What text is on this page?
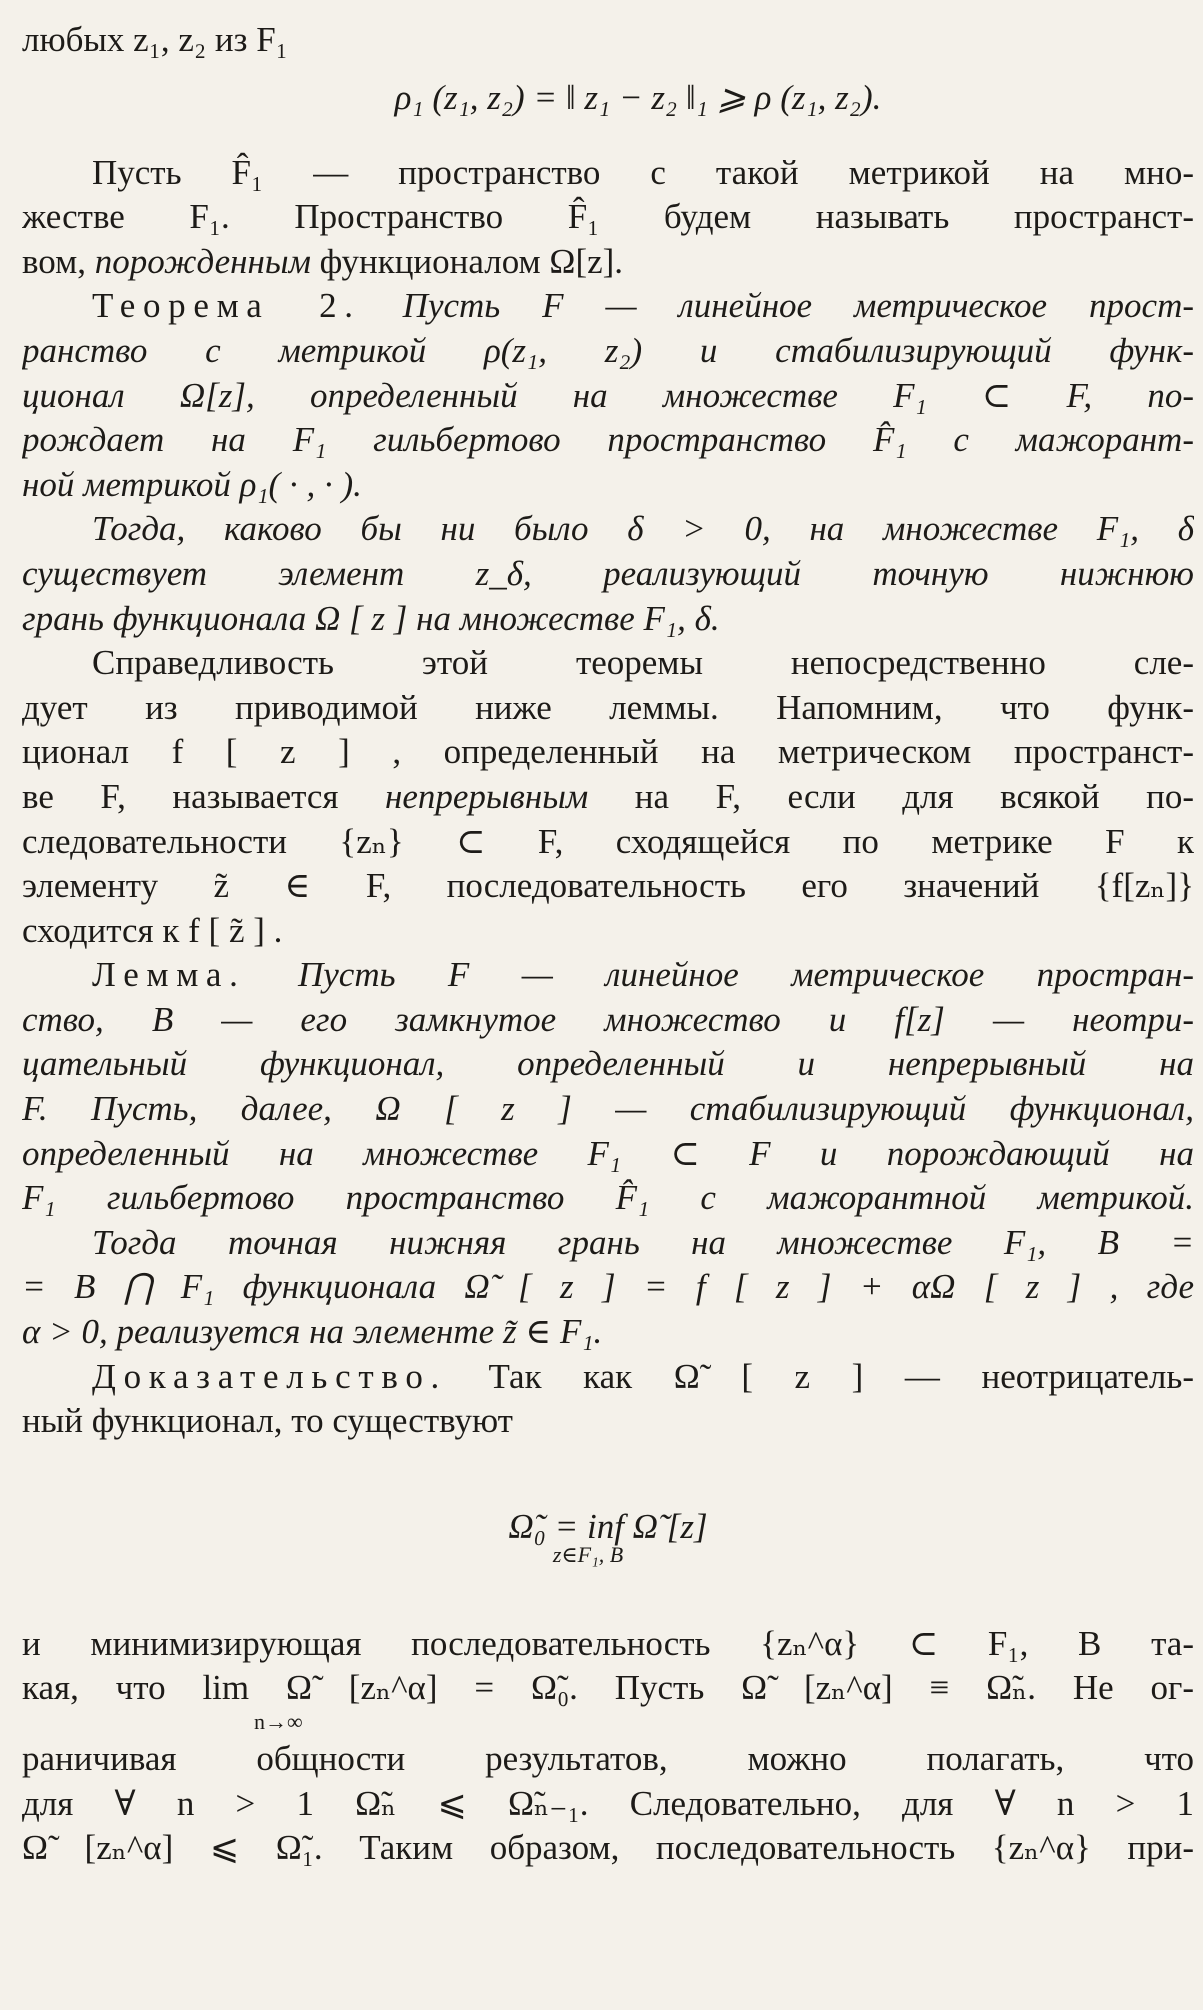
любых z₁, z₂ из F₁
ρ₁ (z₁, z₂) = ‖ z₁ − z₂ ‖₁ ⩾ ρ (z₁, z₂).
Пусть F̂₁ — пространство с такой метрикой на мно-
жестве F₁. Пространство F̂₁ будем называть пространст-
вом, порожденным функционалом Ω[z].
Теорема 2. Пусть F — линейное метрическое прост-
ранство с метрикой ρ(z₁, z₂) и стабилизирующий функ-
ционал Ω[z], определенный на множестве F₁ ⊂ F, по-
рождает на F₁ гильбертово пространство F̂₁ с мажорант-
ной метрикой ρ₁( · , · ).
Тогда, каково бы ни было δ > 0, на множестве F₁, δ
существует элемент z_δ, реализующий точную нижнюю
грань функционала Ω [ z ] на множестве F₁, δ.
Справедливость этой теоремы непосредственно сле-
дует из приводимой ниже леммы. Напомним, что функ-
ционал f [ z ] , определенный на метрическом пространст-
ве F, называется непрерывным на F, если для всякой по-
следовательности {zₙ} ⊂ F, сходящейся по метрике F к
элементу z̃ ∈ F, последовательность его значений {f[zₙ]}
сходится к f [ z̃ ] .
Лемма. Пусть F — линейное метрическое простран-
ство, B — его замкнутое множество и f[z] — неотри-
цательный функционал, определенный и непрерывный на
F. Пусть, далее, Ω [ z ] — стабилизирующий функционал,
определенный на множестве F₁ ⊂ F и порождающий на
F₁ гильбертово пространство F̂₁ с мажорантной метрикой.
Тогда точная нижняя грань на множестве F₁, B =
= B ⋂ F₁ функционала Ω̃ [ z ] = f [ z ] + αΩ [ z ] , где
α > 0, реализуется на элементе z̃ ∈ F₁.
Доказательство. Так как Ω̃ [ z ] — неотрицатель-
ный функционал, то существуют
Ω̃₀ = inf Ω̃ [z]
z∈F₁, B
и минимизирующая последовательность {zₙ^α} ⊂ F₁, B та-
кая, что lim Ω̃ [zₙ^α] = Ω̃₀. Пусть Ω̃ [zₙ^α] ≡ Ω̃ₙ. Не ог-
n→∞
раничивая общности результатов, можно полагать, что
для ∀ n > 1 Ω̃ₙ ⩽ Ω̃ₙ₋₁. Следовательно, для ∀ n > 1
Ω̃ [zₙ^α] ⩽ Ω̃₁. Таким образом, последовательность {zₙ^α} при-
